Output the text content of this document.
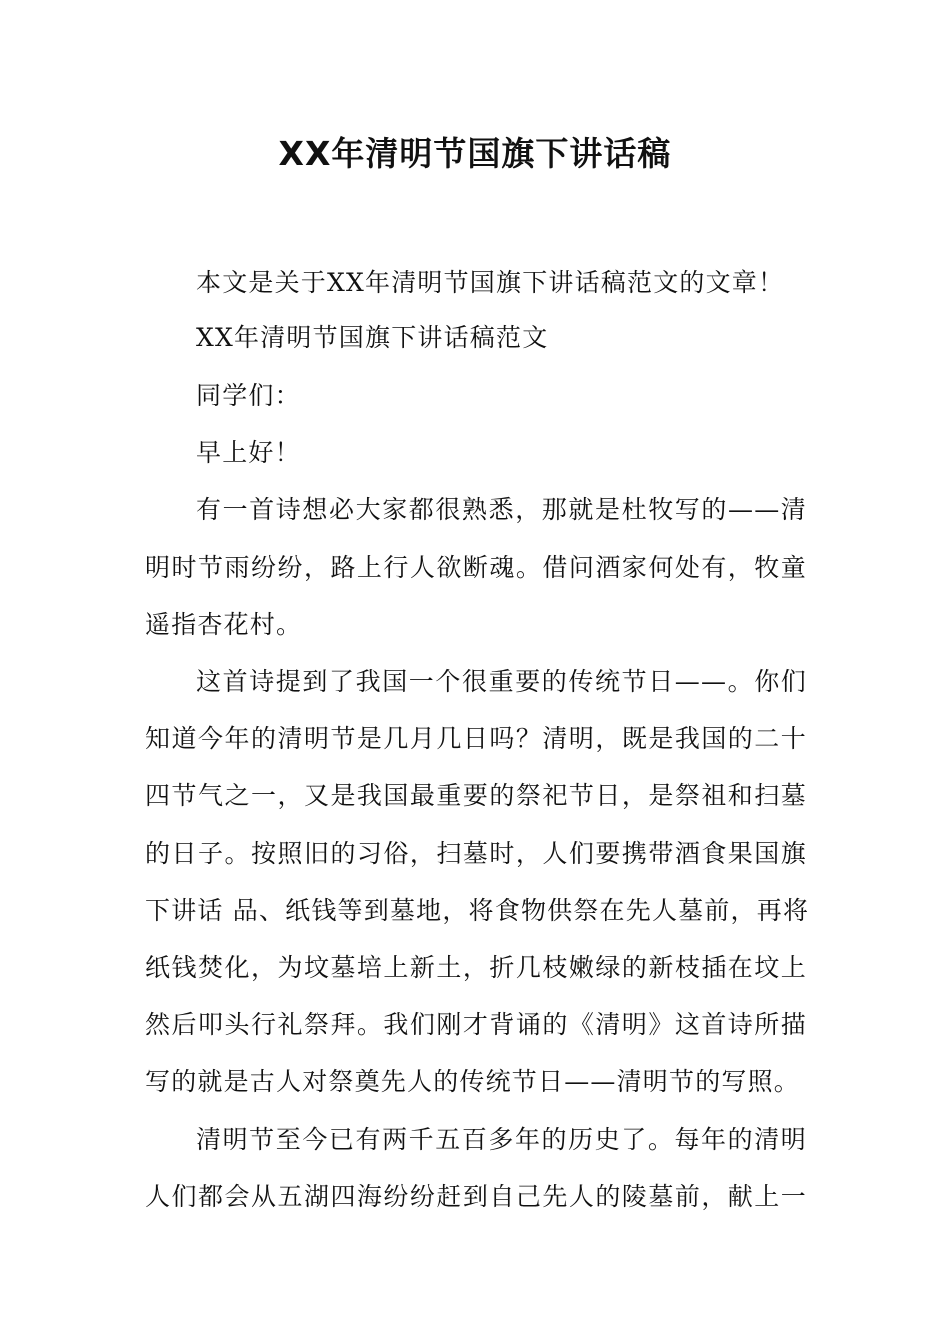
XX年清明节国旗下讲话稿

本文是关于XX年清明节国旗下讲话稿范文的文章！

XX年清明节国旗下讲话稿范文

同学们：

早上好！

有一首诗想必大家都很熟悉，那就是杜牧写的——清

明时节雨纷纷，路上行人欲断魂。借问酒家何处有，牧童

遥指杏花村。

这首诗提到了我国一个很重要的传统节日——。你们

知道今年的清明节是几月几日吗？清明，既是我国的二十

四节气之一，又是我国最重要的祭祀节日，是祭祖和扫墓

的日子。按照旧的习俗，扫墓时，人们要携带酒食果国旗

下讲话 品、纸钱等到墓地，将食物供祭在先人墓前，再将

纸钱焚化，为坟墓培上新土，折几枝嫩绿的新枝插在坟上

然后叩头行礼祭拜。我们刚才背诵的《清明》这首诗所描

写的就是古人对祭奠先人的传统节日——清明节的写照。

清明节至今已有两千五百多年的历史了。每年的清明

人们都会从五湖四海纷纷赶到自己先人的陵墓前，献上一
